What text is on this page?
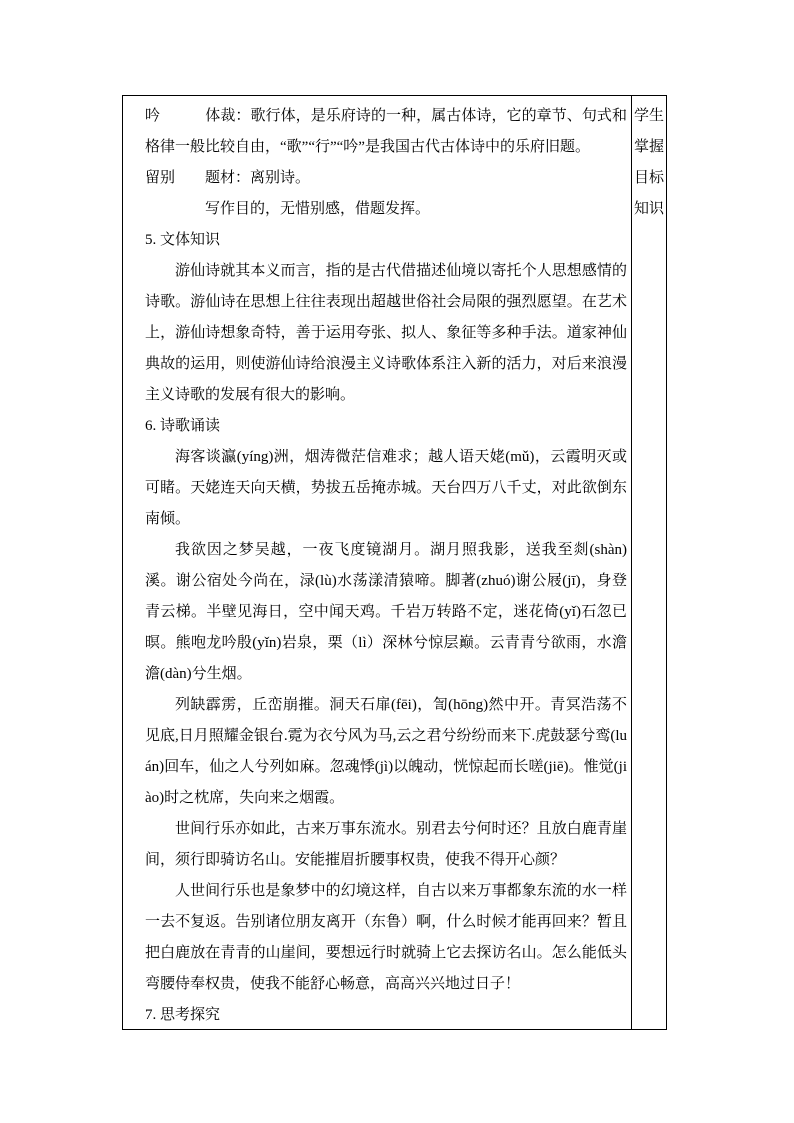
吟　　　体裁：歌行体，是乐府诗的一种，属古体诗，它的章节、句式和格律一般比较自由，“歌”“行”“吟”是我国古代古体诗中的乐府旧题。

留别　　题材：离别诗。

　　　　写作目的，无惜别感，借题发挥。

5. 文体知识

游仙诗就其本义而言，指的是古代借描述仙境以寄托个人思想感情的诗歌。游仙诗在思想上往往表现出超越世俗社会局限的强烈愿望。在艺术上，游仙诗想象奇特，善于运用夸张、拟人、象征等多种手法。道家神仙典故的运用，则使游仙诗给浪漫主义诗歌体系注入新的活力，对后来浪漫主义诗歌的发展有很大的影响。

6. 诗歌诵读

海客谈瀛(yíng)洲，烟涛微茫信难求；越人语天姥(mǔ)，云霞明灭或可睹。天姥连天向天横，势拔五岳掩赤城。天台四万八千丈，对此欲倒东南倾。

我欲因之梦吴越，一夜飞度镜湖月。湖月照我影，送我至剡(shàn)溪。谢公宿处今尚在，渌(lù)水荡漾清猿啼。脚著(zhuó)谢公屐(jī)，身登青云梯。半壁见海日，空中闻天鸡。千岩万转路不定，迷花倚(yǐ)石忽已暝。熊咆龙吟殷(yǐn)岩泉，栗（lì）深林兮惊层巅。云青青兮欲雨，水澹澹(dàn)兮生烟。

列缺霹雳，丘峦崩摧。洞天石扉(fēi)，訇(hōng)然中开。青冥浩荡不见底,日月照耀金银台.霓为衣兮风为马,云之君兮纷纷而来下.虎鼓瑟兮鸾(luán)回车，仙之人兮列如麻。忽魂悸(jì)以魄动，恍惊起而长嗟(jiē)。惟觉(jiào)时之枕席，失向来之烟霞。

世间行乐亦如此，古来万事东流水。别君去兮何时还？且放白鹿青崖间，须行即骑访名山。安能摧眉折腰事权贵，使我不得开心颜？

人世间行乐也是象梦中的幻境这样，自古以来万事都象东流的水一样一去不复返。告别诸位朋友离开（东鲁）啊，什么时候才能再回来？暂且把白鹿放在青青的山崖间，要想远行时就骑上它去探访名山。怎么能低头弯腰侍奉权贵，使我不能舒心畅意，高高兴兴地过日子！

7. 思考探究

学生
掌握
目标
知识
